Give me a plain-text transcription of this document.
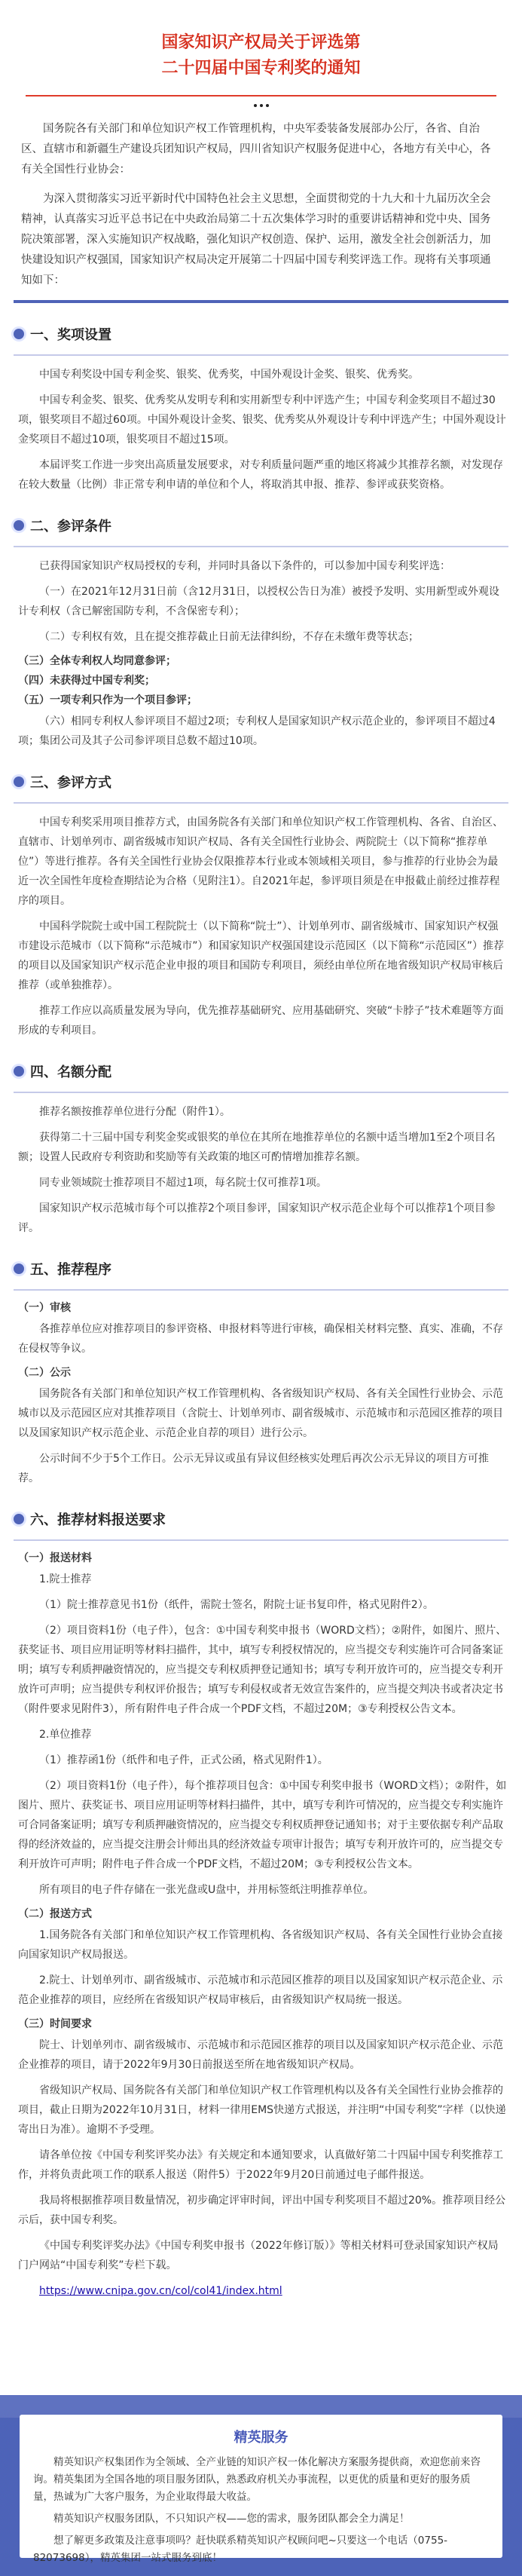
国家知识产权局关于评选第
二十四届中国专利奖的通知
国务院各有关部门和单位知识产权工作管理机构，中央军委装备发展部办公厅，各省、自治区、直辖市和新疆生产建设兵团知识产权局，四川省知识产权服务促进中心，各地方有关中心，各有关全国性行业协会：
为深入贯彻落实习近平新时代中国特色社会主义思想，全面贯彻党的十九大和十九届历次全会精神，认真落实习近平总书记在中央政治局第二十五次集体学习时的重要讲话精神和党中央、国务院决策部署，深入实施知识产权战略，强化知识产权创造、保护、运用，激发全社会创新活力，加快建设知识产权强国，国家知识产权局决定开展第二十四届中国专利奖评选工作。现将有关事项通知如下：
一、奖项设置
中国专利奖设中国专利金奖、银奖、优秀奖，中国外观设计金奖、银奖、优秀奖。
中国专利金奖、银奖、优秀奖从发明专利和实用新型专利中评选产生；中国专利金奖项目不超过30项，银奖项目不超过60项。中国外观设计金奖、银奖、优秀奖从外观设计专利中评选产生；中国外观设计金奖项目不超过10项，银奖项目不超过15项。
本届评奖工作进一步突出高质量发展要求，对专利质量问题严重的地区将减少其推荐名额，对发现存在较大数量（比例）非正常专利申请的单位和个人，将取消其申报、推荐、参评或获奖资格。
二、参评条件
已获得国家知识产权局授权的专利，并同时具备以下条件的，可以参加中国专利奖评选：
（一）在2021年12月31日前（含12月31日，以授权公告日为准）被授予发明、实用新型或外观设计专利权（含已解密国防专利，不含保密专利）；
（二）专利权有效，且在提交推荐截止日前无法律纠纷，不存在未缴年费等状态；
（三）全体专利权人均同意参评；
（四）未获得过中国专利奖；
（五）一项专利只作为一个项目参评；
（六）相同专利权人参评项目不超过2项；专利权人是国家知识产权示范企业的，参评项目不超过4项；集团公司及其子公司参评项目总数不超过10项。
三、参评方式
中国专利奖采用项目推荐方式，由国务院各有关部门和单位知识产权工作管理机构、各省、自治区、直辖市、计划单列市、副省级城市知识产权局、各有关全国性行业协会、两院院士（以下简称“推荐单位”）等进行推荐。各有关全国性行业协会仅限推荐本行业或本领域相关项目，参与推荐的行业协会为最近一次全国性年度检查期结论为合格（见附注1）。自2021年起，参评项目须是在申报截止前经过推荐程序的项目。
中国科学院院士或中国工程院院士（以下简称“院士”）、计划单列市、副省级城市、国家知识产权强市建设示范城市（以下简称“示范城市”）和国家知识产权强国建设示范园区（以下简称“示范园区”）推荐的项目以及国家知识产权示范企业申报的项目和国防专利项目，须经由单位所在地省级知识产权局审核后推荐（或单独推荐）。
推荐工作应以高质量发展为导向，优先推荐基础研究、应用基础研究、突破“卡脖子”技术难题等方面形成的专利项目。
四、名额分配
推荐名额按推荐单位进行分配（附件1）。
获得第二十三届中国专利奖金奖或银奖的单位在其所在地推荐单位的名额中适当增加1至2个项目名额；设置人民政府专利资助和奖励等有关政策的地区可酌情增加推荐名额。
同专业领域院士推荐项目不超过1项，每名院士仅可推荐1项。
国家知识产权示范城市每个可以推荐2个项目参评，国家知识产权示范企业每个可以推荐1个项目参评。
五、推荐程序
（一）审核
各推荐单位应对推荐项目的参评资格、申报材料等进行审核，确保相关材料完整、真实、准确，不存在侵权等争议。
（二）公示
国务院各有关部门和单位知识产权工作管理机构、各省级知识产权局、各有关全国性行业协会、示范城市以及示范园区应对其推荐项目（含院士、计划单列市、副省级城市、示范城市和示范园区推荐的项目以及国家知识产权示范企业、示范企业自荐的项目）进行公示。
公示时间不少于5个工作日。公示无异议或虽有异议但经核实处理后再次公示无异议的项目方可推荐。
六、推荐材料报送要求
（一）报送材料
1.院士推荐
（1）院士推荐意见书1份（纸件，需院士签名，附院士证书复印件，格式见附件2）。
（2）项目资料1份（电子件），包含：①中国专利奖申报书（WORD文档）；②附件，如图片、照片、获奖证书、项目应用证明等材料扫描件，其中，填写专利授权情况的，应当提交专利实施许可合同备案证明；填写专利质押融资情况的，应当提交专利权质押登记通知书；填写专利开放许可的，应当提交专利开放许可声明；应当提供专利权评价报告；填写专利侵权或者无效宣告案件的，应当提交判决书或者决定书（附件要求见附件3），所有附件电子件合成一个PDF文档，不超过20M；③专利授权公告文本。
2.单位推荐
（1）推荐函1份（纸件和电子件，正式公函，格式见附件1）。
（2）项目资料1份（电子件），每个推荐项目包含：①中国专利奖申报书（WORD文档）；②附件，如图片、照片、获奖证书、项目应用证明等材料扫描件，其中，填写专利许可情况的，应当提交专利实施许可合同备案证明；填写专利质押融资情况的，应当提交专利权质押登记通知书；对于主要依据专利产品取得的经济效益的，应当提交注册会计师出具的经济效益专项审计报告；填写专利开放许可的，应当提交专利开放许可声明；附件电子件合成一个PDF文档，不超过20M；③专利授权公告文本。
所有项目的电子件存储在一张光盘或U盘中，并用标签纸注明推荐单位。
（二）报送方式
1.国务院各有关部门和单位知识产权工作管理机构、各省级知识产权局、各有关全国性行业协会直接向国家知识产权局报送。
2.院士、计划单列市、副省级城市、示范城市和示范园区推荐的项目以及国家知识产权示范企业、示范企业推荐的项目，应经所在省级知识产权局审核后，由省级知识产权局统一报送。
（三）时间要求
院士、计划单列市、副省级城市、示范城市和示范园区推荐的项目以及国家知识产权示范企业、示范企业推荐的项目，请于2022年9月30日前报送至所在地省级知识产权局。
省级知识产权局、国务院各有关部门和单位知识产权工作管理机构以及各有关全国性行业协会推荐的项目，截止日期为2022年10月31日，材料一律用EMS快递方式报送，并注明“中国专利奖”字样（以快递寄出日为准）。逾期不予受理。
请各单位按《中国专利奖评奖办法》有关规定和本通知要求，认真做好第二十四届中国专利奖推荐工作，并将负责此项工作的联系人报送（附件5）于2022年9月20日前通过电子邮件报送。
我局将根据推荐项目数量情况，初步确定评审时间，评出中国专利奖项目不超过20%。推荐项目经公示后，获中国专利奖。
《中国专利奖评奖办法》《中国专利奖申报书（2022年修订版）》等相关材料可登录国家知识产权局门户网站“中国专利奖”专栏下载。
https://www.cnipa.gov.cn/col/col41/index.html
精英服务
精英知识产权集团作为全领域、全产业链的知识产权一体化解决方案服务提供商，欢迎您前来咨询。精英集团为全国各地的项目服务团队，熟悉政府机关办事流程，以更优的质量和更好的服务质量，热诚为广大客户服务，为企业取得最大收益。
精英知识产权服务团队，不只知识产权——您的需求，服务团队都会全力满足！
想了解更多政策及注意事项吗？赶快联系精英知识产权顾问吧~只要这一个电话（0755-82073698），精英集团一站式服务到底！
